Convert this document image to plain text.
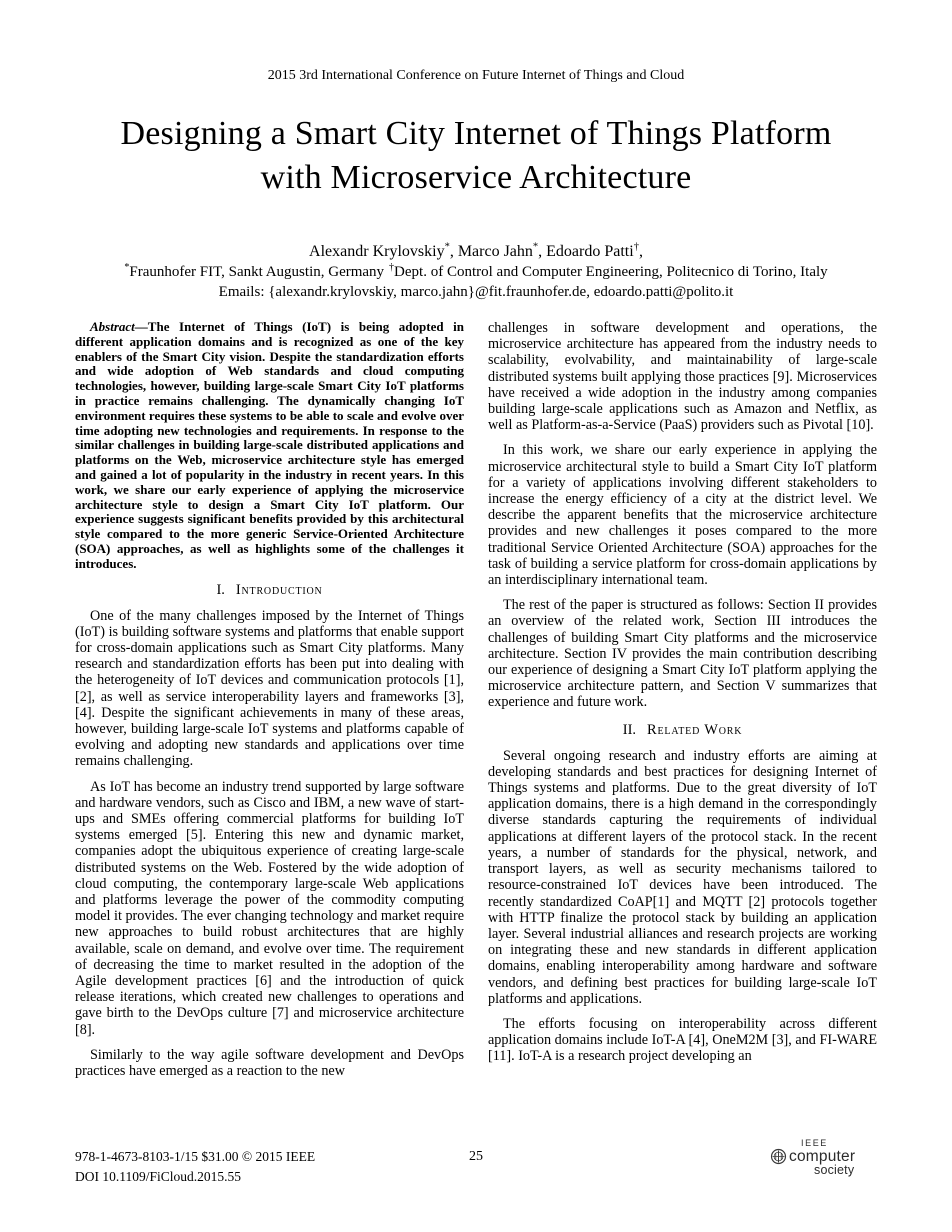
2015 3rd International Conference on Future Internet of Things and Cloud
Designing a Smart City Internet of Things Platform
with Microservice Architecture
Alexandr Krylovskiy*, Marco Jahn*, Edoardo Patti†,
*Fraunhofer FIT, Sankt Augustin, Germany †Dept. of Control and Computer Engineering, Politecnico di Torino, Italy
Emails: {alexandr.krylovskiy, marco.jahn}@fit.fraunhofer.de, edoardo.patti@polito.it

Abstract—The Internet of Things (IoT) is being adopted in different application domains and is recognized as one of the key enablers of the Smart City vision. Despite the standardization efforts and wide adoption of Web standards and cloud computing technologies, however, building large-scale Smart City IoT platforms in practice remains challenging. The dynamically changing IoT environment requires these systems to be able to scale and evolve over time adopting new technologies and requirements. In response to the similar challenges in building large-scale distributed applications and platforms on the Web, microservice architecture style has emerged and gained a lot of popularity in the industry in recent years. In this work, we share our early experience of applying the microservice architecture style to design a Smart City IoT platform. Our experience suggests significant benefits provided by this architectural style compared to the more generic Service-Oriented Architecture (SOA) approaches, as well as highlights some of the challenges it introduces.

I. Introduction

One of the many challenges imposed by the Internet of Things (IoT) is building software systems and platforms that enable support for cross-domain applications such as Smart City platforms. Many research and standardization efforts has been put into dealing with the heterogeneity of IoT devices and communication protocols [1], [2], as well as service interoperability layers and frameworks [3], [4]. Despite the significant achievements in many of these areas, however, building large-scale IoT systems and platforms capable of evolving and adopting new standards and applications over time remains challenging.

As IoT has become an industry trend supported by large software and hardware vendors, such as Cisco and IBM, a new wave of start-ups and SMEs offering commercial platforms for building IoT systems emerged [5]. Entering this new and dynamic market, companies adopt the ubiquitous experience of creating large-scale distributed systems on the Web. Fostered by the wide adoption of cloud computing, the contemporary large-scale Web applications and platforms leverage the power of the commodity computing model it provides. The ever changing technology and market require new approaches to build robust architectures that are highly available, scale on demand, and evolve over time. The requirement of decreasing the time to market resulted in the adoption of the Agile development practices [6] and the introduction of quick release iterations, which created new challenges to operations and gave birth to the DevOps culture [7] and microservice architecture [8].

Similarly to the way agile software development and DevOps practices have emerged as a reaction to the new

challenges in software development and operations, the microservice architecture has appeared from the industry needs to scalability, evolvability, and maintainability of large-scale distributed systems built applying those practices [9]. Microservices have received a wide adoption in the industry among companies building large-scale applications such as Amazon and Netflix, as well as Platform-as-a-Service (PaaS) providers such as Pivotal [10].

In this work, we share our early experience in applying the microservice architectural style to build a Smart City IoT platform for a variety of applications involving different stakeholders to increase the energy efficiency of a city at the district level. We describe the apparent benefits that the microservice architecture provides and new challenges it poses compared to the more traditional Service Oriented Architecture (SOA) approaches for the task of building a service platform for cross-domain applications by an interdisciplinary international team.

The rest of the paper is structured as follows: Section II provides an overview of the related work, Section III introduces the challenges of building Smart City platforms and the microservice architecture. Section IV provides the main contribution describing our experience of designing a Smart City IoT platform applying the microservice architecture pattern, and Section V summarizes that experience and future work.

II. Related Work

Several ongoing research and industry efforts are aiming at developing standards and best practices for designing Internet of Things systems and platforms. Due to the great diversity of IoT application domains, there is a high demand in the correspondingly diverse standards capturing the requirements of individual applications at different layers of the protocol stack. In the recent years, a number of standards for the physical, network, and transport layers, as well as security mechanisms tailored to resource-constrained IoT devices have been introduced. The recently standardized CoAP[1] and MQTT [2] protocols together with HTTP finalize the protocol stack by building an application layer. Several industrial alliances and research projects are working on integrating these and new standards in different application domains, enabling interoperability among hardware and software vendors, and defining best practices for building large-scale IoT platforms and applications.

The efforts focusing on interoperability across different application domains include IoT-A [4], OneM2M [3], and FI-WARE [11]. IoT-A is a research project developing an

978-1-4673-8103-1/15 $31.00 © 2015 IEEE
DOI 10.1109/FiCloud.2015.55
25
IEEE
computer
society
